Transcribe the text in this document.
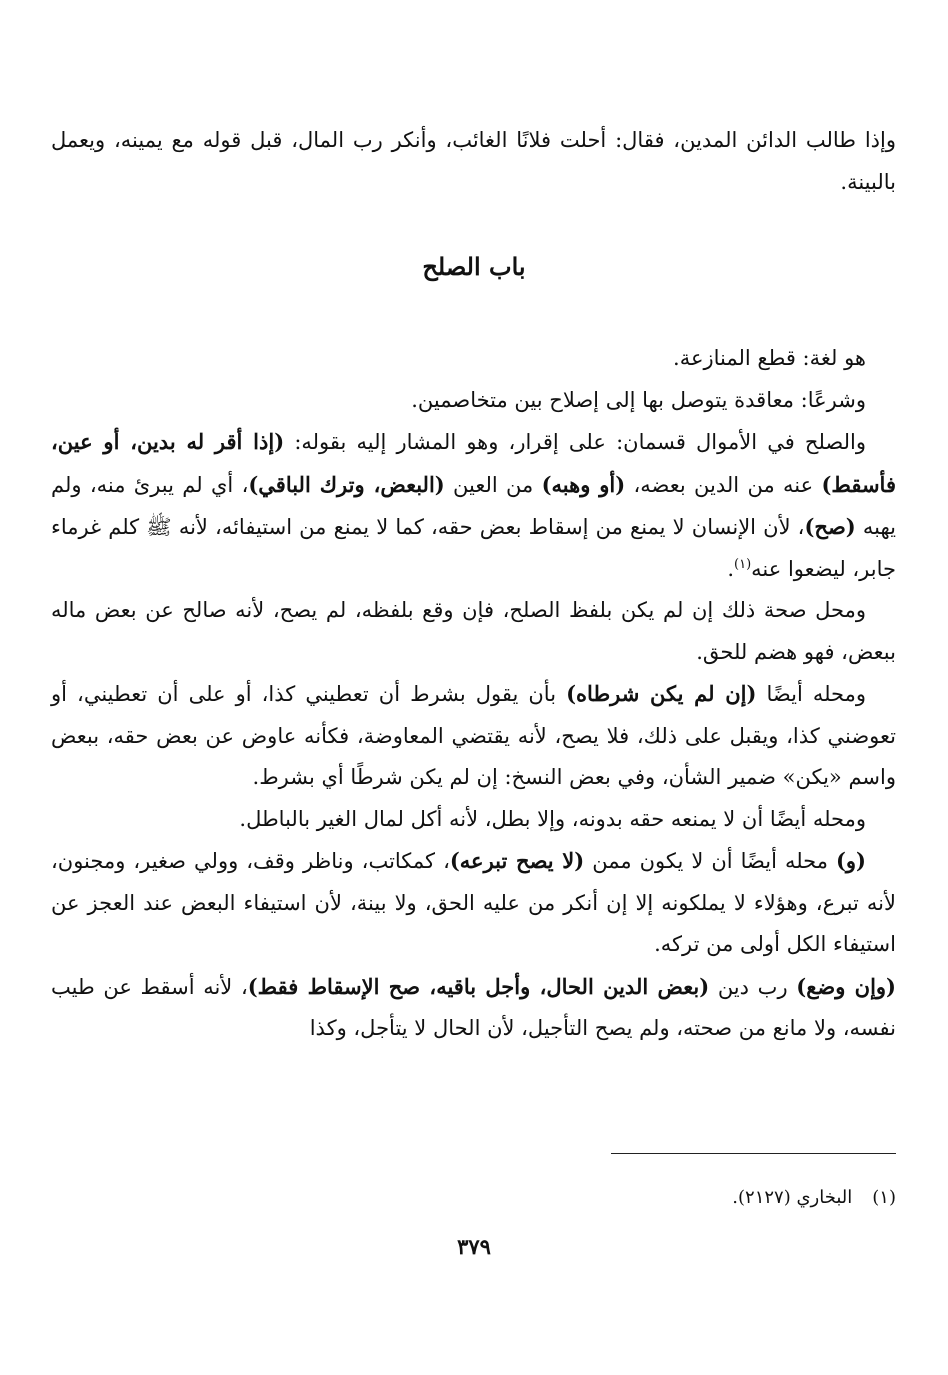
وإذا طالب الدائن المدين، فقال: أحلت فلانًا الغائب، وأنكر رب المال، قبل قوله مع يمينه، ويعمل بالبينة.

باب الصلح

هو لغة: قطع المنازعة.

وشرعًا: معاقدة يتوصل بها إلى إصلاح بين متخاصمين.

والصلح في الأموال قسمان: على إقرار، وهو المشار إليه بقوله: (إذا أقر له بدين، أو عين، فأسقط) عنه من الدين بعضه، (أو وهبه) من العين (البعض، وترك الباقي)، أي لم يبرئ منه، ولم يهبه (صح)، لأن الإنسان لا يمنع من إسقاط بعض حقه، كما لا يمنع من استيفائه، لأنه ﷺ كلم غرماء جابر، ليضعوا عنه$^{(١)}$.

ومحل صحة ذلك إن لم يكن بلفظ الصلح، فإن وقع بلفظه، لم يصح، لأنه صالح عن بعض ماله ببعض، فهو هضم للحق.

ومحله أيضًا (إن لم يكن شرطاه) بأن يقول بشرط أن تعطيني كذا، أو على أن تعطيني، أو تعوضني كذا، ويقبل على ذلك، فلا يصح، لأنه يقتضي المعاوضة، فكأنه عاوض عن بعض حقه، ببعض واسم «يكن» ضمير الشأن، وفي بعض النسخ: إن لم يكن شرطًا أي بشرط.

ومحله أيضًا أن لا يمنعه حقه بدونه، وإلا بطل، لأنه أكل لمال الغير بالباطل.

(و) محله أيضًا أن لا يكون ممن (لا يصح تبرعه)، كمكاتب، وناظر وقف، وولي صغير، ومجنون، لأنه تبرع، وهؤلاء لا يملكونه إلا إن أنكر من عليه الحق، ولا بينة، لأن استيفاء البعض عند العجز عن استيفاء الكل أولى من تركه.

(وإن وضع) رب دين (بعض الدين الحال، وأجل باقيه، صح الإسقاط فقط)، لأنه أسقط عن طيب نفسه، ولا مانع من صحته، ولم يصح التأجيل، لأن الحال لا يتأجل، وكذا

(١)البخاري (٢١٢٧).
٣٧٩
